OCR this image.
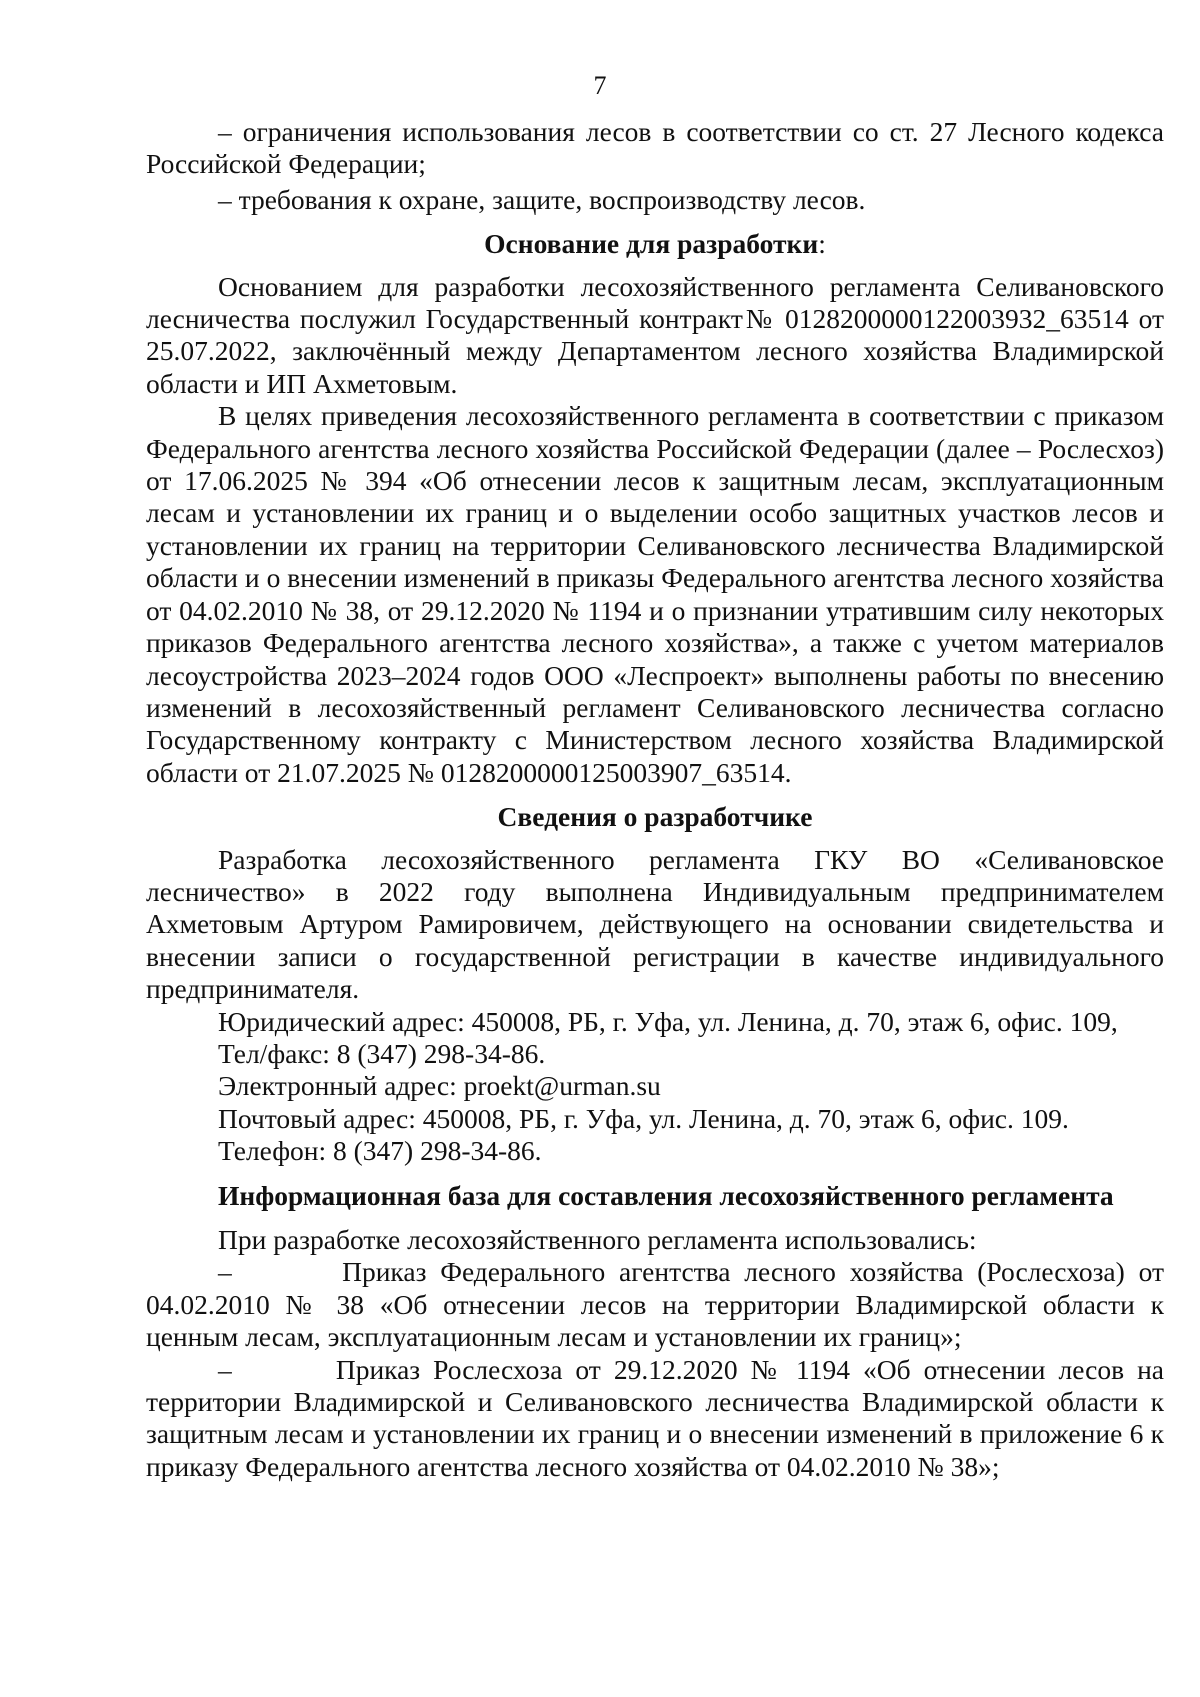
7

– ограничения использования лесов в соответствии со ст. 27 Лесного кодекса Российской Федерации;

– требования к охране, защите, воспроизводству лесов.

Основание для разработки:

Основанием для разработки лесохозяйственного регламента Селивановского лесничества послужил Государственный контракт№ 0128200000122003932_63514 от 25.07.2022, заключённый между Департаментом лесного хозяйства Владимирской области и ИП Ахметовым.

В целях приведения лесохозяйственного регламента в соответствии с приказом Федерального агентства лесного хозяйства Российской Федерации (далее – Рослесхоз) от 17.06.2025 № 394 «Об отнесении лесов к защитным лесам, эксплуатационным лесам и установлении их границ и о выделении особо защитных участков лесов и установлении их границ на территории Селивановского лесничества Владимирской области и о внесении изменений в приказы Федерального агентства лесного хозяйства от 04.02.2010 № 38, от 29.12.2020 № 1194 и о признании утратившим силу некоторых приказов Федерального агентства лесного хозяйства», а также с учетом материалов лесоустройства 2023–2024 годов ООО «Леспроект» выполнены работы по внесению изменений в лесохозяйственный регламент Селивановского лесничества согласно Государственному контракту с Министерством лесного хозяйства Владимирской области от 21.07.2025 № 0128200000125003907_63514.

Сведения о разработчике

Разработка лесохозяйственного регламента ГКУ ВО «Селивановское лесничество» в 2022 году выполнена Индивидуальным предпринимателем Ахметовым Артуром Рамировичем, действующего на основании свидетельства и внесении записи о государственной регистрации в качестве индивидуального предпринимателя.

Юридический адрес: 450008, РБ, г. Уфа, ул. Ленина, д. 70, этаж 6, офис. 109,

Тел/факс: 8 (347) 298-34-86.

Электронный адрес: proekt@urman.su

Почтовый адрес: 450008, РБ, г. Уфа, ул. Ленина, д. 70, этаж 6, офис. 109.

Телефон: 8 (347) 298-34-86.

Информационная база для составления лесохозяйственного регламента

При разработке лесохозяйственного регламента использовались:

–        Приказ Федерального агентства лесного хозяйства (Рослесхоза) от 04.02.2010 № 38 «Об отнесении лесов на территории Владимирской области к ценным лесам, эксплуатационным лесам и установлении их границ»;

–        Приказ Рослесхоза от 29.12.2020 № 1194 «Об отнесении лесов на территории Владимирской и Селивановского лесничества Владимирской области к защитным лесам и установлении их границ и о внесении изменений в приложение 6 к приказу Федерального агентства лесного хозяйства от 04.02.2010 № 38»;
